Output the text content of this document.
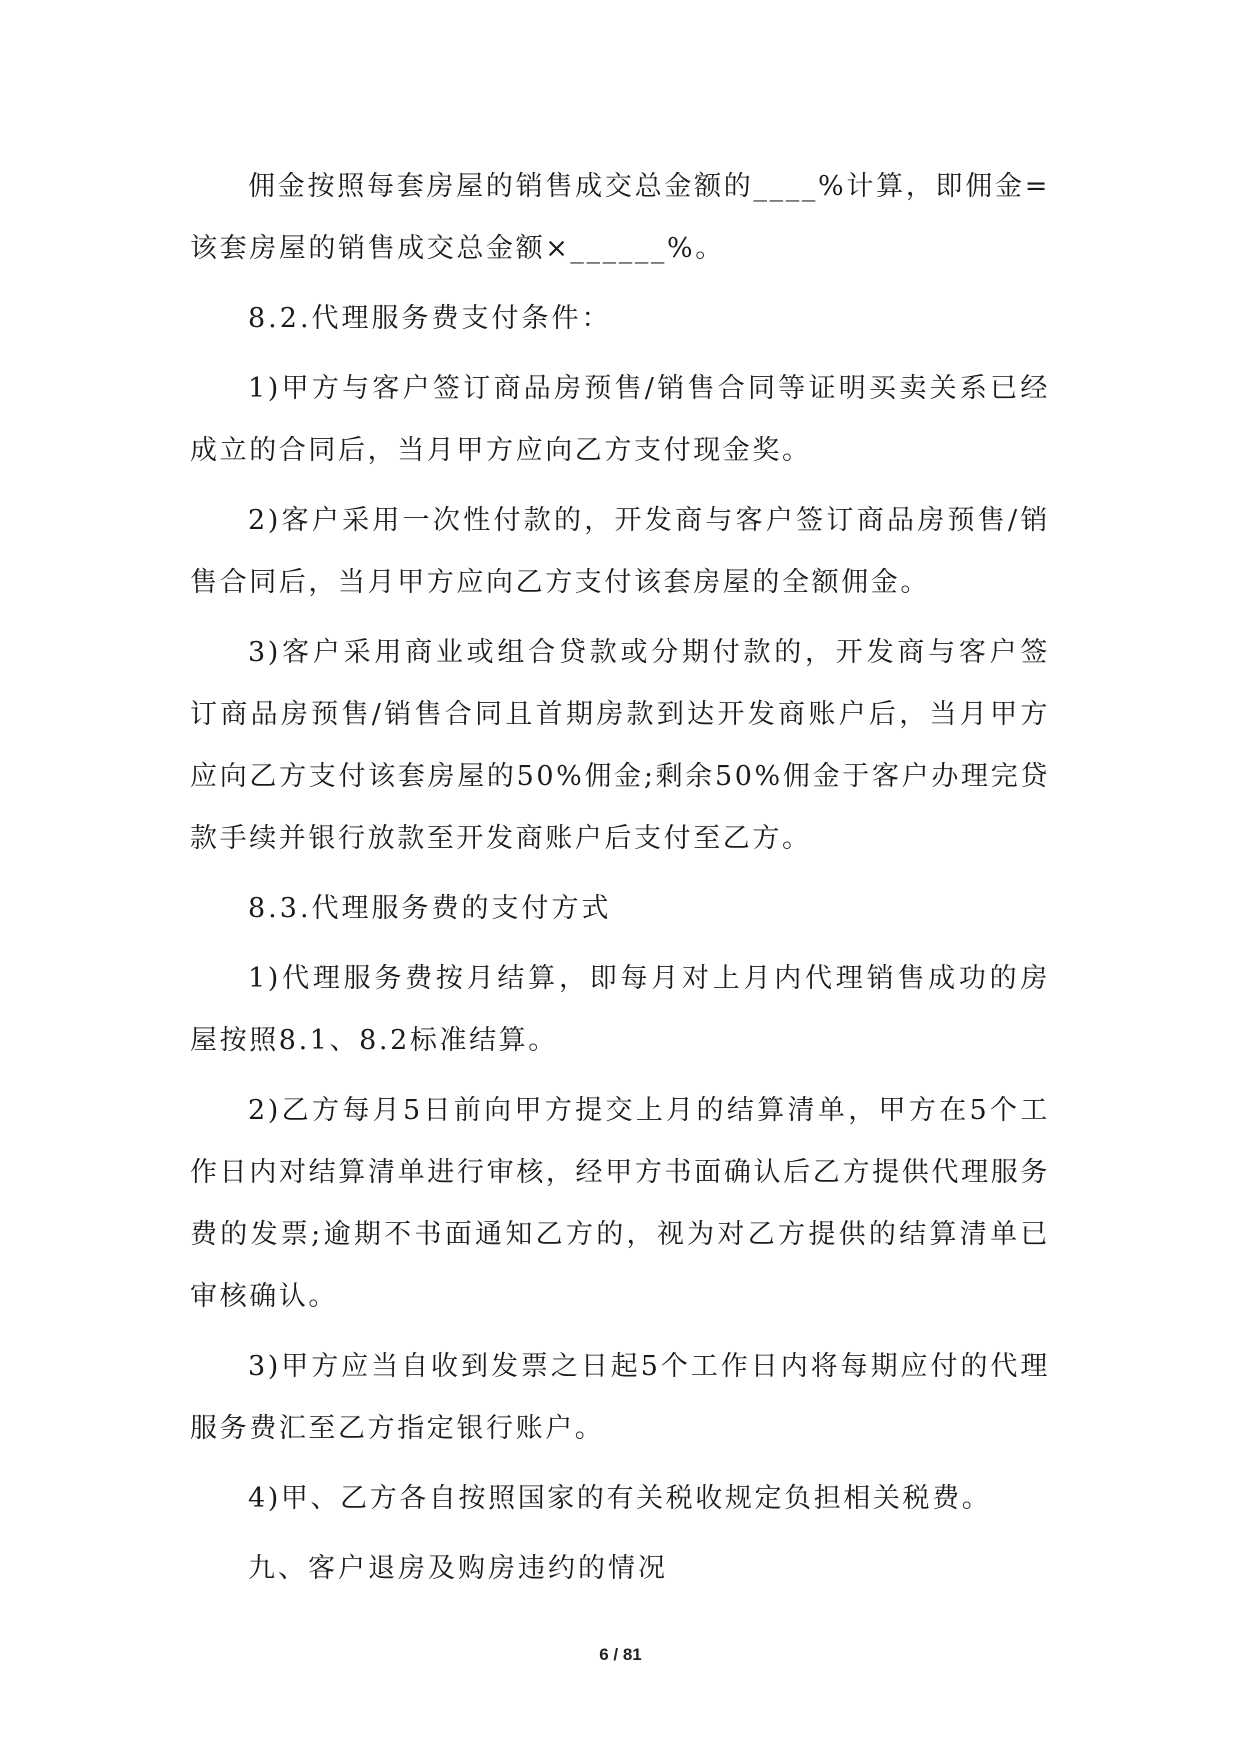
佣金按照每套房屋的销售成交总金额的____%计算，即佣金=该套房屋的销售成交总金额×______%。

8.2.代理服务费支付条件：

1)甲方与客户签订商品房预售/销售合同等证明买卖关系已经成立的合同后，当月甲方应向乙方支付现金奖。

2)客户采用一次性付款的，开发商与客户签订商品房预售/销售合同后，当月甲方应向乙方支付该套房屋的全额佣金。

3)客户采用商业或组合贷款或分期付款的，开发商与客户签订商品房预售/销售合同且首期房款到达开发商账户后，当月甲方应向乙方支付该套房屋的50%佣金;剩余50%佣金于客户办理完贷款手续并银行放款至开发商账户后支付至乙方。

8.3.代理服务费的支付方式

1)代理服务费按月结算，即每月对上月内代理销售成功的房屋按照8.1、8.2标准结算。

2)乙方每月5日前向甲方提交上月的结算清单，甲方在5个工作日内对结算清单进行审核，经甲方书面确认后乙方提供代理服务费的发票;逾期不书面通知乙方的，视为对乙方提供的结算清单已审核确认。

3)甲方应当自收到发票之日起5个工作日内将每期应付的代理服务费汇至乙方指定银行账户。

4)甲、乙方各自按照国家的有关税收规定负担相关税费。

九、客户退房及购房违约的情况

6 / 81
